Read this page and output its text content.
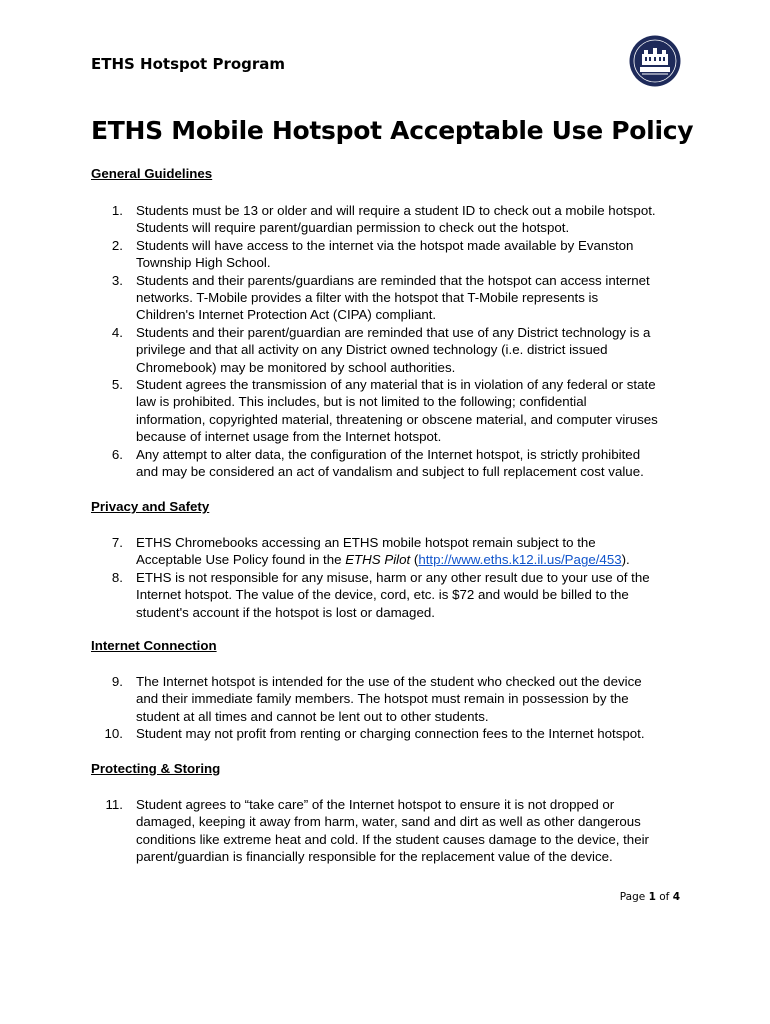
ETHS Hotspot Program
ETHS Mobile Hotspot Acceptable Use Policy
General Guidelines
1. Students must be 13 or older and will require a student ID to check out a mobile hotspot.
Students will require parent/guardian permission to check out the hotspot.
2. Students will have access to the internet via the hotspot made available by Evanston
Township High School.
3. Students and their parents/guardians are reminded that the hotspot can access internet
networks. T-Mobile provides a filter with the hotspot that T-Mobile represents is
Children's Internet Protection Act (CIPA) compliant.
4. Students and their parent/guardian are reminded that use of any District technology is a
privilege and that all activity on any District owned technology (i.e. district issued
Chromebook) may be monitored by school authorities.
5. Student agrees the transmission of any material that is in violation of any federal or state
law is prohibited. This includes, but is not limited to the following; confidential
information, copyrighted material, threatening or obscene material, and computer viruses
because of internet usage from the Internet hotspot.
6. Any attempt to alter data, the configuration of the Internet hotspot, is strictly prohibited
and may be considered an act of vandalism and subject to full replacement cost value.
Privacy and Safety
7. ETHS Chromebooks accessing an ETHS mobile hotspot remain subject to the
Acceptable Use Policy found in the ETHS Pilot (http://www.eths.k12.il.us/Page/453).
8. ETHS is not responsible for any misuse, harm or any other result due to your use of the
Internet hotspot. The value of the device, cord, etc. is $72 and would be billed to the
student's account if the hotspot is lost or damaged.
Internet Connection
9. The Internet hotspot is intended for the use of the student who checked out the device
and their immediate family members. The hotspot must remain in possession by the
student at all times and cannot be lent out to other students.
10. Student may not profit from renting or charging connection fees to the Internet hotspot.
Protecting & Storing
11. Student agrees to “take care” of the Internet hotspot to ensure it is not dropped or
damaged, keeping it away from harm, water, sand and dirt as well as other dangerous
conditions like extreme heat and cold. If the student causes damage to the device, their
parent/guardian is financially responsible for the replacement value of the device.
Page 1 of 4
